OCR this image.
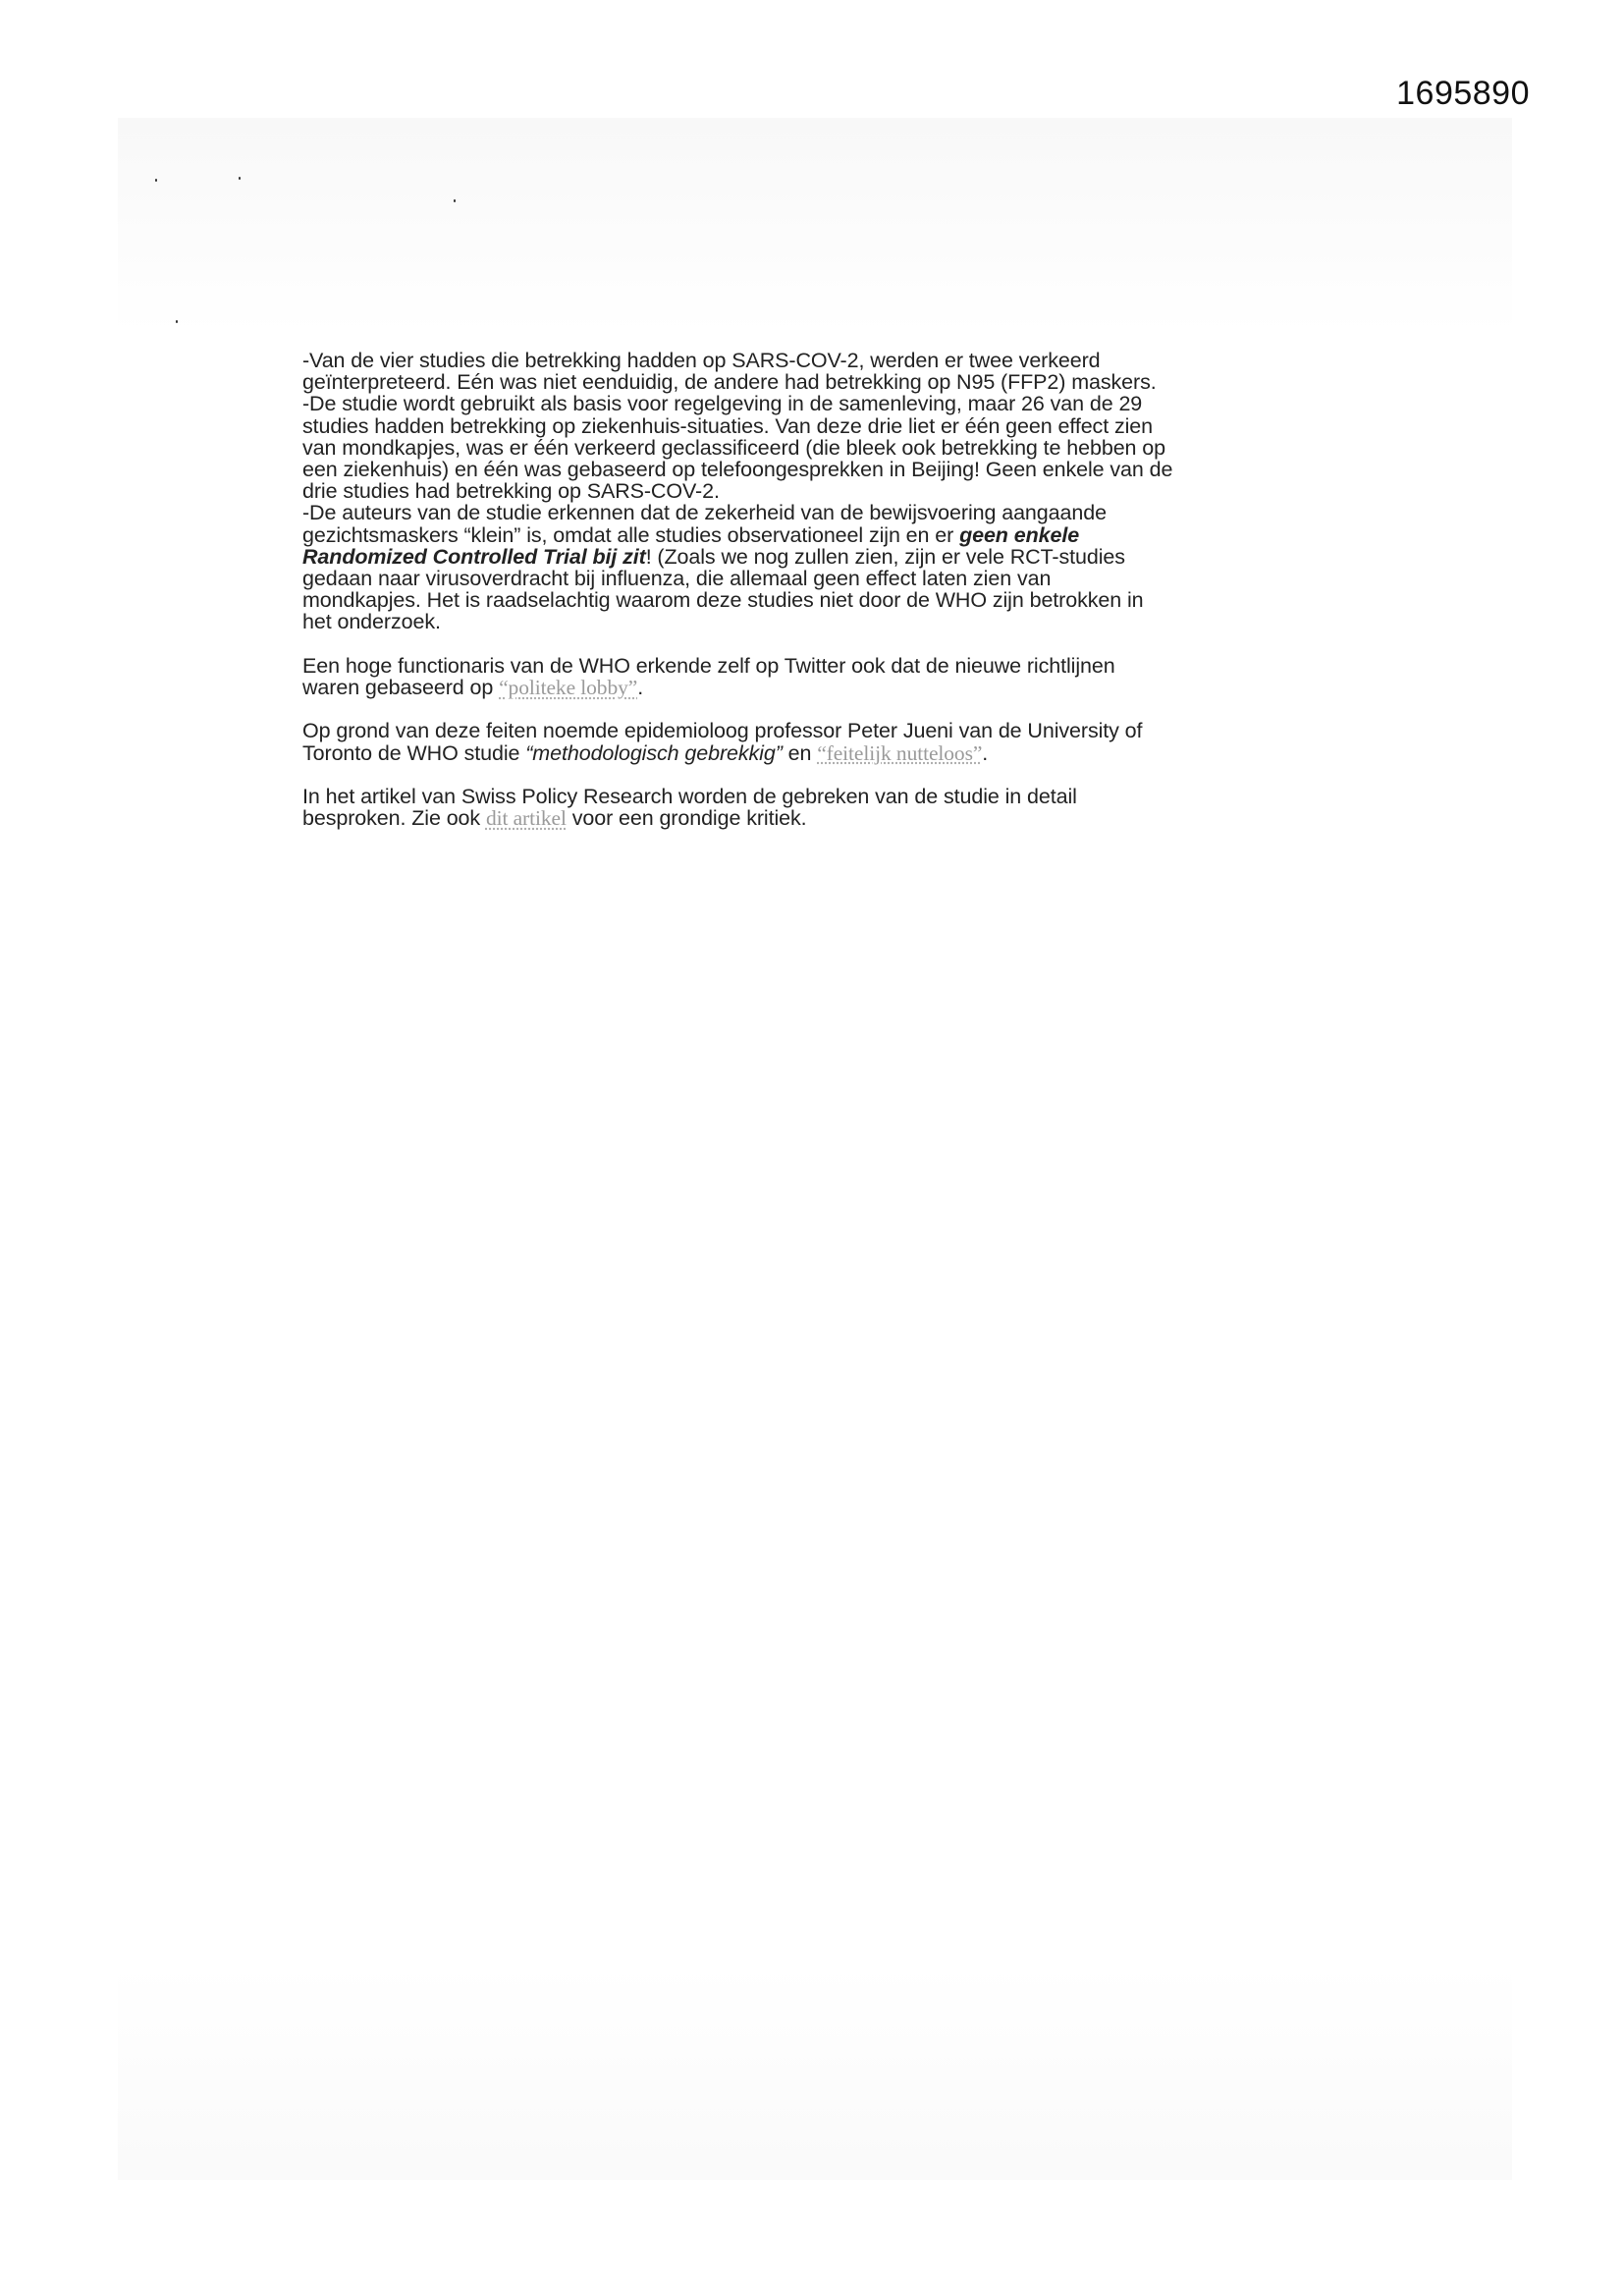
1695890
-Van de vier studies die betrekking hadden op SARS-COV-2, werden er twee verkeerd
geïnterpreteerd. Eén was niet eenduidig, de andere had betrekking op N95 (FFP2) maskers.
-De studie wordt gebruikt als basis voor regelgeving in de samenleving, maar 26 van de 29
studies hadden betrekking op ziekenhuis-situaties. Van deze drie liet er één geen effect zien
van mondkapjes, was er één verkeerd geclassificeerd (die bleek ook betrekking te hebben op
een ziekenhuis) en één was gebaseerd op telefoongesprekken in Beijing! Geen enkele van de
drie studies had betrekking op SARS-COV-2.
-De auteurs van de studie erkennen dat de zekerheid van de bewijsvoering aangaande
gezichtsmaskers “klein” is, omdat alle studies observationeel zijn en er geen enkele
Randomized Controlled Trial bij zit! (Zoals we nog zullen zien, zijn er vele RCT-studies
gedaan naar virusoverdracht bij influenza, die allemaal geen effect laten zien van
mondkapjes. Het is raadselachtig waarom deze studies niet door de WHO zijn betrokken in
het onderzoek.
Een hoge functionaris van de WHO erkende zelf op Twitter ook dat de nieuwe richtlijnen
waren gebaseerd op “politeke lobby”.
Op grond van deze feiten noemde epidemioloog professor Peter Jueni van de University of
Toronto de WHO studie “methodologisch gebrekkig” en “feitelijk nutteloos”.
In het artikel van Swiss Policy Research worden de gebreken van de studie in detail
besproken. Zie ook dit artikel voor een grondige kritiek.
